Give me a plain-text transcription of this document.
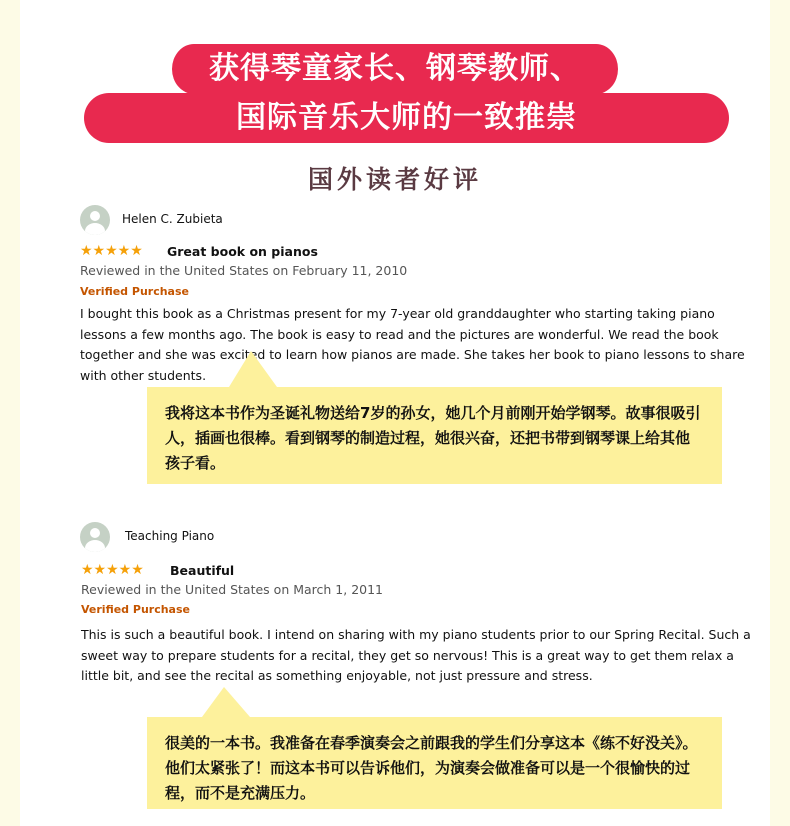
获得琴童家长、钢琴教师、
国际音乐大师的一致推崇
国外读者好评
Helen C. Zubieta
★★★★★ Great book on pianos
Reviewed in the United States on February 11, 2010
Verified Purchase
I bought this book as a Christmas present for my 7-year old granddaughter who starting taking piano lessons a few months ago. The book is easy to read and the pictures are wonderful. We read the book together and she was excited to learn how pianos are made. She takes her book to piano lessons to share with other students.
我将这本书作为圣诞礼物送给7岁的孙女，她几个月前刚开始学钢琴。故事很吸引人，插画也很棒。看到钢琴的制造过程，她很兴奋，还把书带到钢琴课上给其他孩子看。
Teaching Piano
★★★★★ Beautiful
Reviewed in the United States on March 1, 2011
Verified Purchase
This is such a beautiful book. I intend on sharing with my piano students prior to our Spring Recital. Such a sweet way to prepare students for a recital, they get so nervous! This is a great way to get them relax a little bit, and see the recital as something enjoyable, not just pressure and stress.
很美的一本书。我准备在春季演奏会之前跟我的学生们分享这本《练不好没关》。他们太紧张了！而这本书可以告诉他们，为演奏会做准备可以是一个很愉快的过程，而不是充满压力。
